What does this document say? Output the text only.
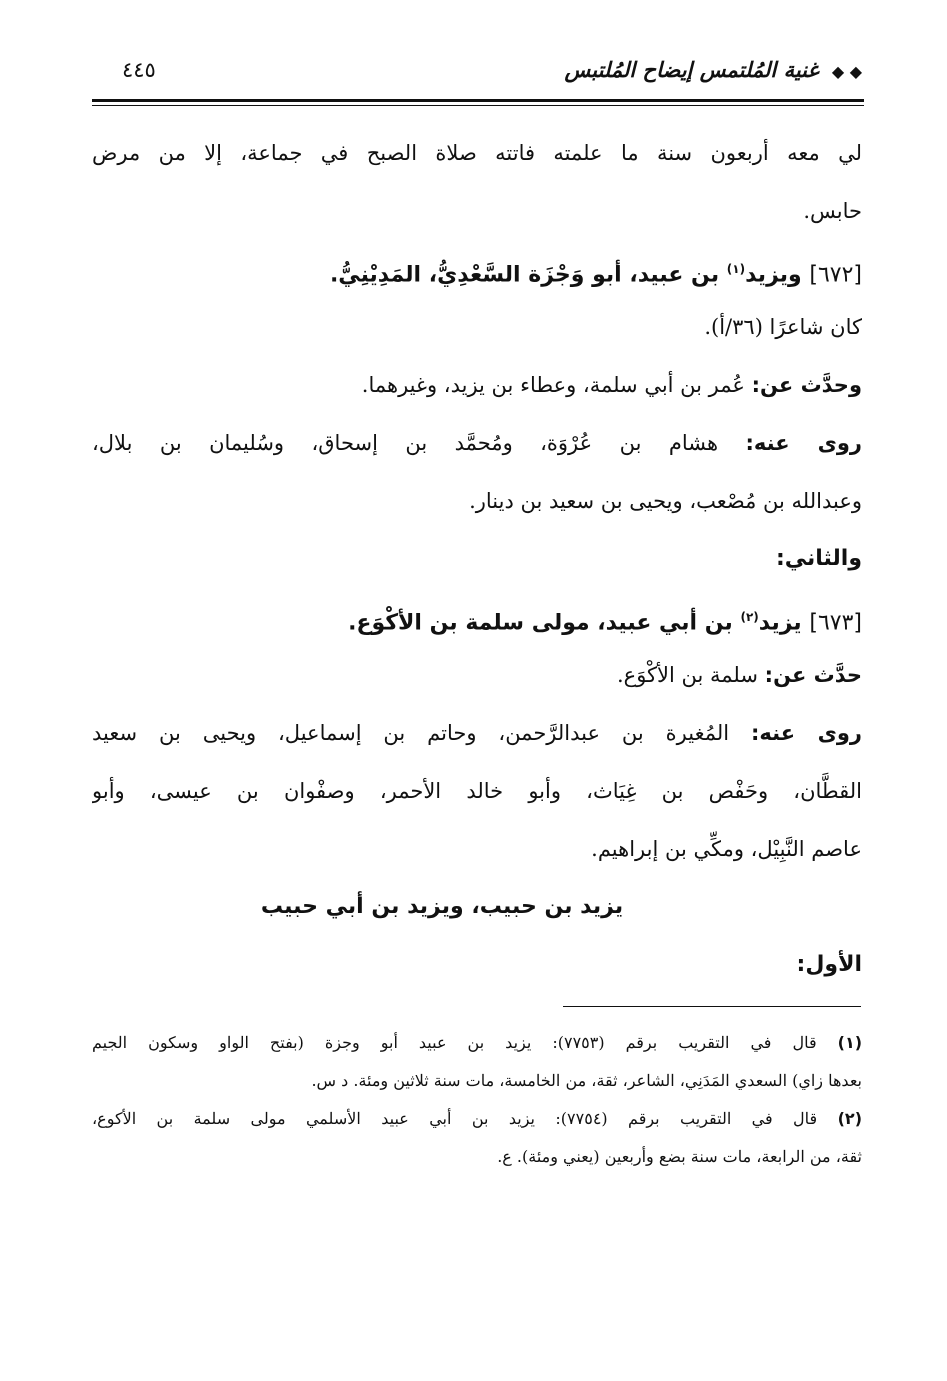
◆ ◆ غنية المُلتمس إيضاح المُلتبس
٤٤٥
لي معه أربعون سنة ما علمته فاتته صلاة الصبح في جماعة، إلا من مرض
حابس.
[٦٧٢] ويزيد$^{(١)}$ بن عبيد، أبو وَجْزَة السَّعْدِيُّ، المَدِيْنِيُّ.
كان شاعرًا (٣٦/أ).
وحدَّث عن: عُمر بن أبي سلمة، وعطاء بن يزيد، وغيرهما.
روى عنه: هشام بن عُرْوَة، ومُحمَّد بن إسحاق، وسُليمان بن بلال،
وعبدالله بن مُصْعب، ويحيى بن سعيد بن دينار.
والثاني:
[٦٧٣] يزيد$^{(٢)}$ بن أبي عبيد، مولى سلمة بن الأكْوَع.
حدَّث عن: سلمة بن الأكْوَع.
روى عنه: المُغيرة بن عبدالرَّحمن، وحاتم بن إسماعيل، ويحيى بن سعيد
القطَّان، وحَفْص بن غِيَاث، وأبو خالد الأحمر، وصفْوان بن عيسى، وأبو
عاصم النَّبِيْل، ومكِّي بن إبراهيم.
يزيد بن حبيب، ويزيد بن أبي حبيب
الأول:
(١) قال في التقريب برقم (٧٧٥٣): يزيد بن عبيد أبو وجزة (بفتح الواو وسكون الجيم
بعدها زاي) السعدي المَدَنِي، الشاعر، ثقة، من الخامسة، مات سنة ثلاثين ومئة. د س.
(٢) قال في التقريب برقم (٧٧٥٤): يزيد بن أبي عبيد الأسلمي مولى سلمة بن الأكوع،
ثقة، من الرابعة، مات سنة بضع وأربعين (يعني ومئة). ع.
